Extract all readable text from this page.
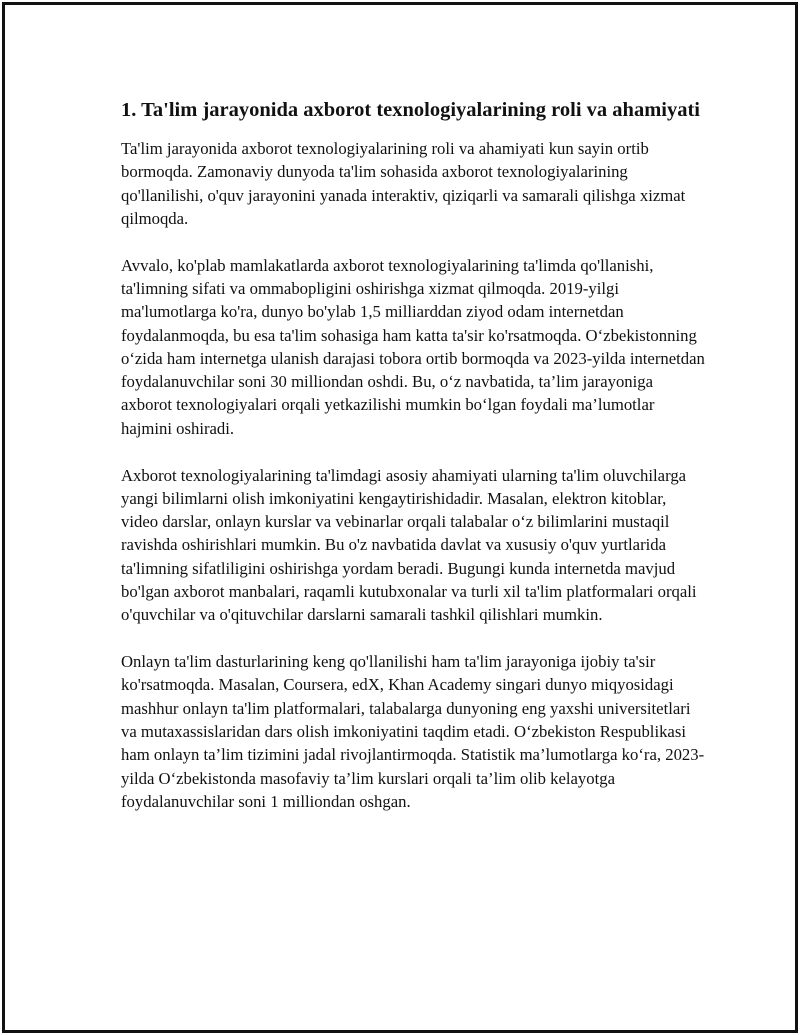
1. Ta'lim jarayonida axborot texnologiyalarining roli va ahamiyati

Ta'lim jarayonida axborot texnologiyalarining roli va ahamiyati kun sayin ortib bormoqda. Zamonaviy dunyoda ta'lim sohasida axborot texnologiyalarining qo'llanilishi, o'quv jarayonini yanada interaktiv, qiziqarli va samarali qilishga xizmat qilmoqda.

Avvalo, ko'plab mamlakatlarda axborot texnologiyalarining ta'limda qo'llanishi, ta'limning sifati va ommabopligini oshirishga xizmat qilmoqda. 2019-yilgi ma'lumotlarga ko'ra, dunyo bo'ylab 1,5 milliarddan ziyod odam internetdan foydalanmoqda, bu esa ta'lim sohasiga ham katta ta'sir ko'rsatmoqda. O‘zbekistonning o‘zida ham internetga ulanish darajasi tobora ortib bormoqda va 2023-yilda internetdan foydalanuvchilar soni 30 milliondan oshdi. Bu, o‘z navbatida, ta’lim jarayoniga axborot texnologiyalari orqali yetkazilishi mumkin bo‘lgan foydali ma’lumotlar hajmini oshiradi.

Axborot texnologiyalarining ta'limdagi asosiy ahamiyati ularning ta'lim oluvchilarga yangi bilimlarni olish imkoniyatini kengaytirishidadir. Masalan, elektron kitoblar, video darslar, onlayn kurslar va vebinarlar orqali talabalar o‘z bilimlarini mustaqil ravishda oshirishlari mumkin. Bu o'z navbatida davlat va xususiy o'quv yurtlarida ta'limning sifatliligini oshirishga yordam beradi. Bugungi kunda internetda mavjud bo'lgan axborot manbalari, raqamli kutubxonalar va turli xil ta'lim platformalari orqali o'quvchilar va o'qituvchilar darslarni samarali tashkil qilishlari mumkin.

Onlayn ta'lim dasturlarining keng qo'llanilishi ham ta'lim jarayoniga ijobiy ta'sir ko'rsatmoqda. Masalan, Coursera, edX, Khan Academy singari dunyo miqyosidagi mashhur onlayn ta'lim platformalari, talabalarga dunyoning eng yaxshi universitetlari va mutaxassislaridan dars olish imkoniyatini taqdim etadi. O‘zbekiston Respublikasi ham onlayn ta’lim tizimini jadal rivojlantirmoqda. Statistik ma’lumotlarga ko‘ra, 2023-yilda O‘zbekistonda masofaviy ta’lim kurslari orqali ta’lim olib kelayotga foydalanuvchilar soni 1 milliondan oshgan.
